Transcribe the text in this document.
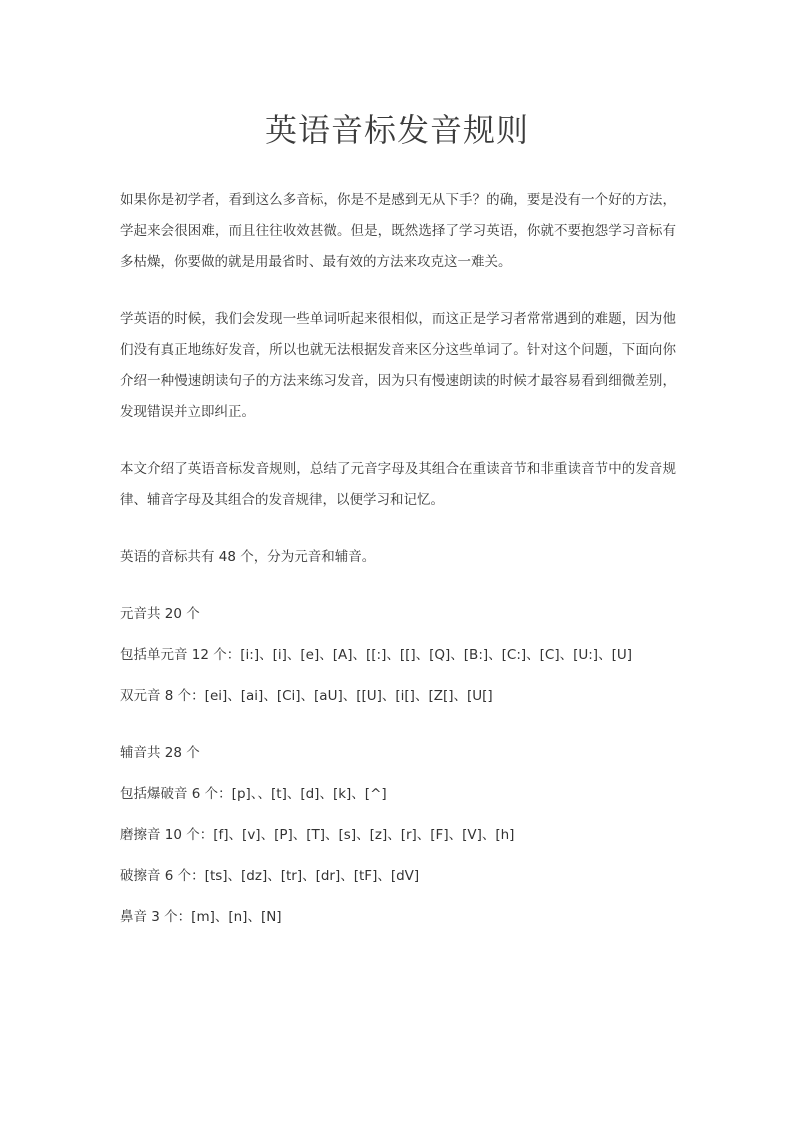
英语音标发音规则

如果你是初学者，看到这么多音标，你是不是感到无从下手？的确，要是没有一个好的方法，学起来会很困难，而且往往收效甚微。但是，既然选择了学习英语，你就不要抱怨学习音标有多枯燥，你要做的就是用最省时、最有效的方法来攻克这一难关。

学英语的时候，我们会发现一些单词听起来很相似，而这正是学习者常常遇到的难题，因为他们没有真正地练好发音，所以也就无法根据发音来区分这些单词了。针对这个问题，下面向你介绍一种慢速朗读句子的方法来练习发音，因为只有慢速朗读的时候才最容易看到细微差别，发现错误并立即纠正。

本文介绍了英语音标发音规则，总结了元音字母及其组合在重读音节和非重读音节中的发音规律、辅音字母及其组合的发音规律，以便学习和记忆。

英语的音标共有 48 个，分为元音和辅音。

元音共 20 个

包括单元音 12 个：[i:]、[i]、[e]、[A]、[[:]、[[]、[Q]、[B:]、[C:]、[C]、[U:]、[U]

双元音 8 个：[ei]、[ai]、[Ci]、[aU]、[[U]、[i[]、[Z[]、[U[]

辅音共 28 个

包括爆破音 6 个：[p]、、[t]、[d]、[k]、[^]

磨擦音 10 个：[f]、[v]、[P]、[T]、[s]、[z]、[r]、[F]、[V]、[h]

破擦音 6 个：[ts]、[dz]、[tr]、[dr]、[tF]、[dV]

鼻音 3 个：[m]、[n]、[N]
